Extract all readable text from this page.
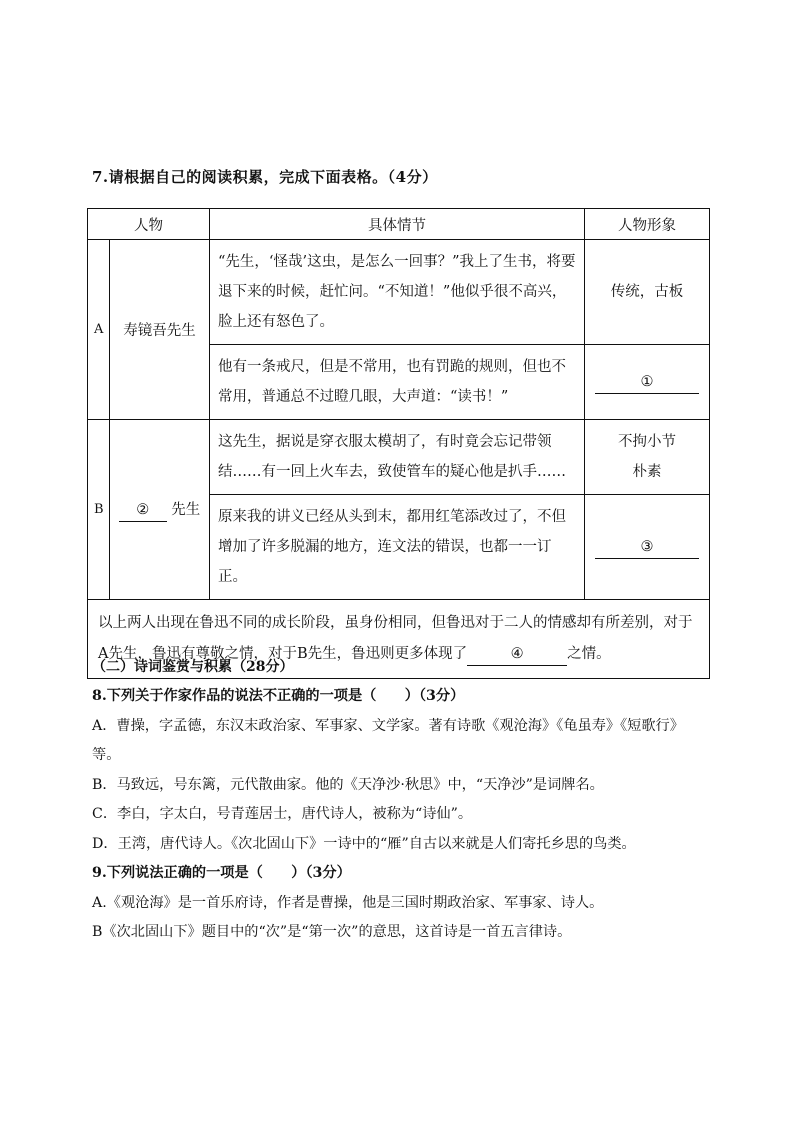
7.请根据自己的阅读积累，完成下面表格。（4分）
人物		具体情节	人物形象
A	寿镜吾先生	“先生，‘怪哉’这虫，是怎么一回事？”我上了生书，将要退下来的时候，赶忙问。“不知道！”他似乎很不高兴，脸上还有怒色了。	传统，古板
		他有一条戒尺，但是不常用，也有罚跪的规则，但也不常用，普通总不过瞪几眼，大声道：“读书！”	①
B	② 先生	这先生，据说是穿衣服太模胡了，有时竟会忘记带领结……有一回上火车去，致使管车的疑心他是扒手……	不拘小节
朴素

		原来我的讲义已经从头到末，都用红笔添改过了，不但增加了许多脱漏的地方，连文法的错误，也都一一订正。	③
以上两人出现在鲁迅不同的成长阶段，虽身份相同，但鲁迅对于二人的情感却有所差别，对于A先生，鲁迅有尊敬之情，对于B先生，鲁迅则更多体现了 ④ 之情。			
（二）诗词鉴赏与积累（28分）
8.下列关于作家作品的说法不正确的一项是（　　）（3分）
A．曹操，字孟德，东汉末政治家、军事家、文学家。著有诗歌《观沧海》《龟虽寿》《短歌行》等。
B．马致远，号东篱，元代散曲家。他的《天净沙·秋思》中，“天净沙”是词牌名。
C．李白，字太白，号青莲居士，唐代诗人，被称为“诗仙”。
D．王湾，唐代诗人。《次北固山下》一诗中的“雁”自古以来就是人们寄托乡思的鸟类。
9.下列说法正确的一项是（　　）（3分）
A.《观沧海》是一首乐府诗，作者是曹操，他是三国时期政治家、军事家、诗人。
B《次北固山下》题目中的“次”是“第一次”的意思，这首诗是一首五言律诗。
